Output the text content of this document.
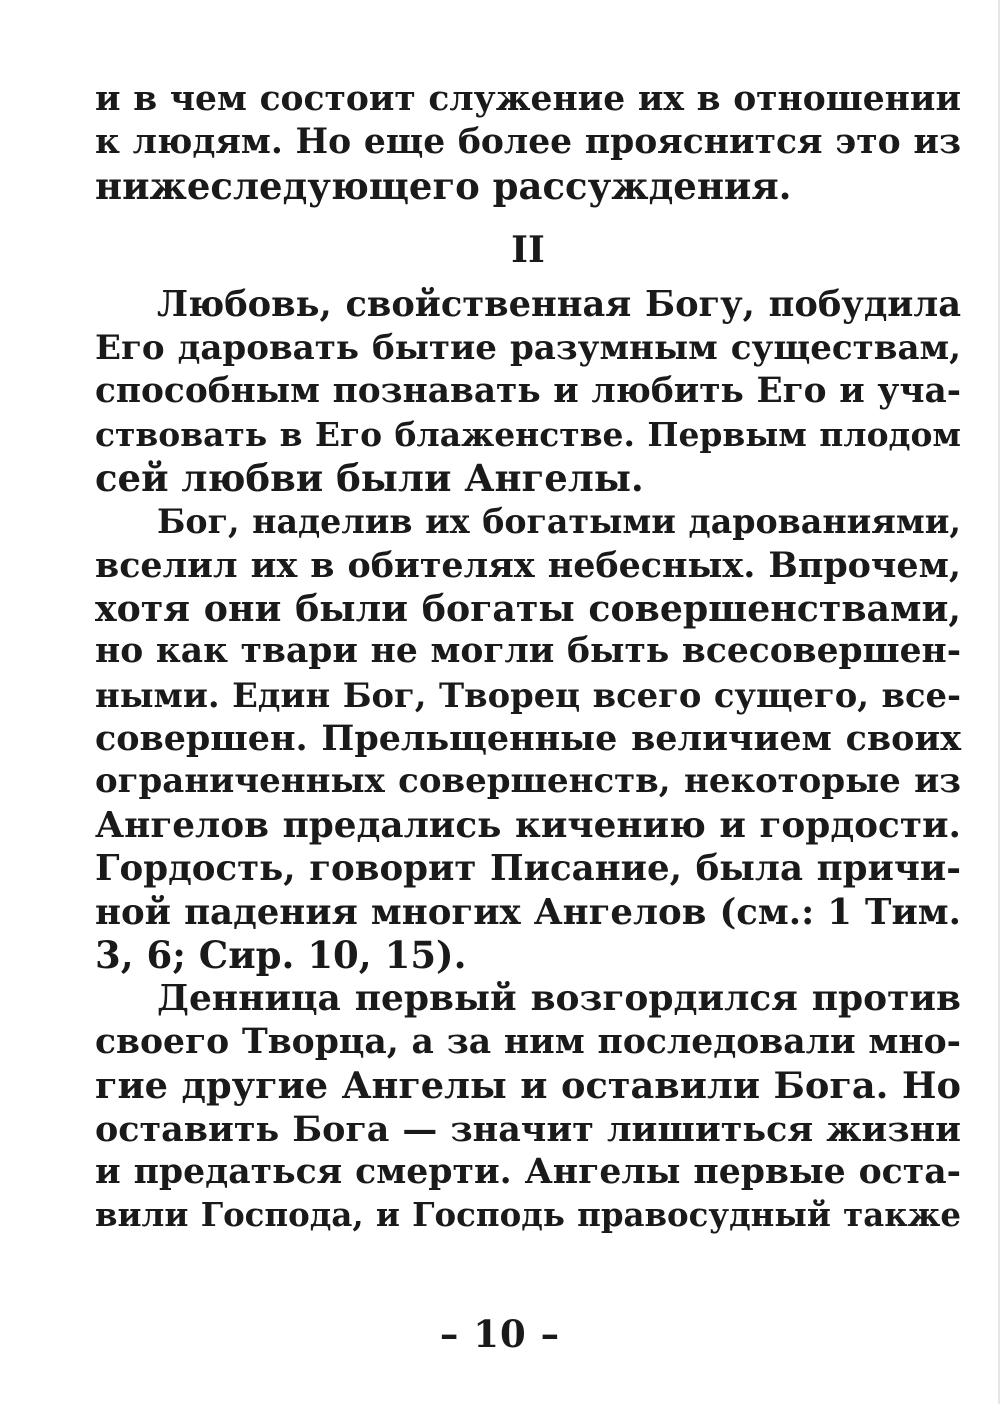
и в чем состоит служение их в отношении
к людям. Но еще более прояснится это из
нижеследующего рассуждения.
II
Любовь, свойственная Богу, побудила
Его даровать бытие разумным существам,
способным познавать и любить Его и уча-
ствовать в Его блаженстве. Первым плодом
сей любви были Ангелы.
Бог, наделив их богатыми дарованиями,
вселил их в обителях небесных. Впрочем,
хотя они были богаты совершенствами,
но как твари не могли быть всесовершен-
ными. Един Бог, Творец всего сущего, все-
совершен. Прельщенные величием своих
ограниченных совершенств, некоторые из
Ангелов предались кичению и гордости.
Гордость, говорит Писание, была причи-
ной падения многих Ангелов (см.: 1 Тим.
3, 6; Сир. 10, 15).
Денница первый возгордился против
своего Творца, а за ним последовали мно-
гие другие Ангелы и оставили Бога. Но
оставить Бога — значит лишиться жизни
и предаться смерти. Ангелы первые оста-
вили Господа, и Господь правосудный также
– 10 –
